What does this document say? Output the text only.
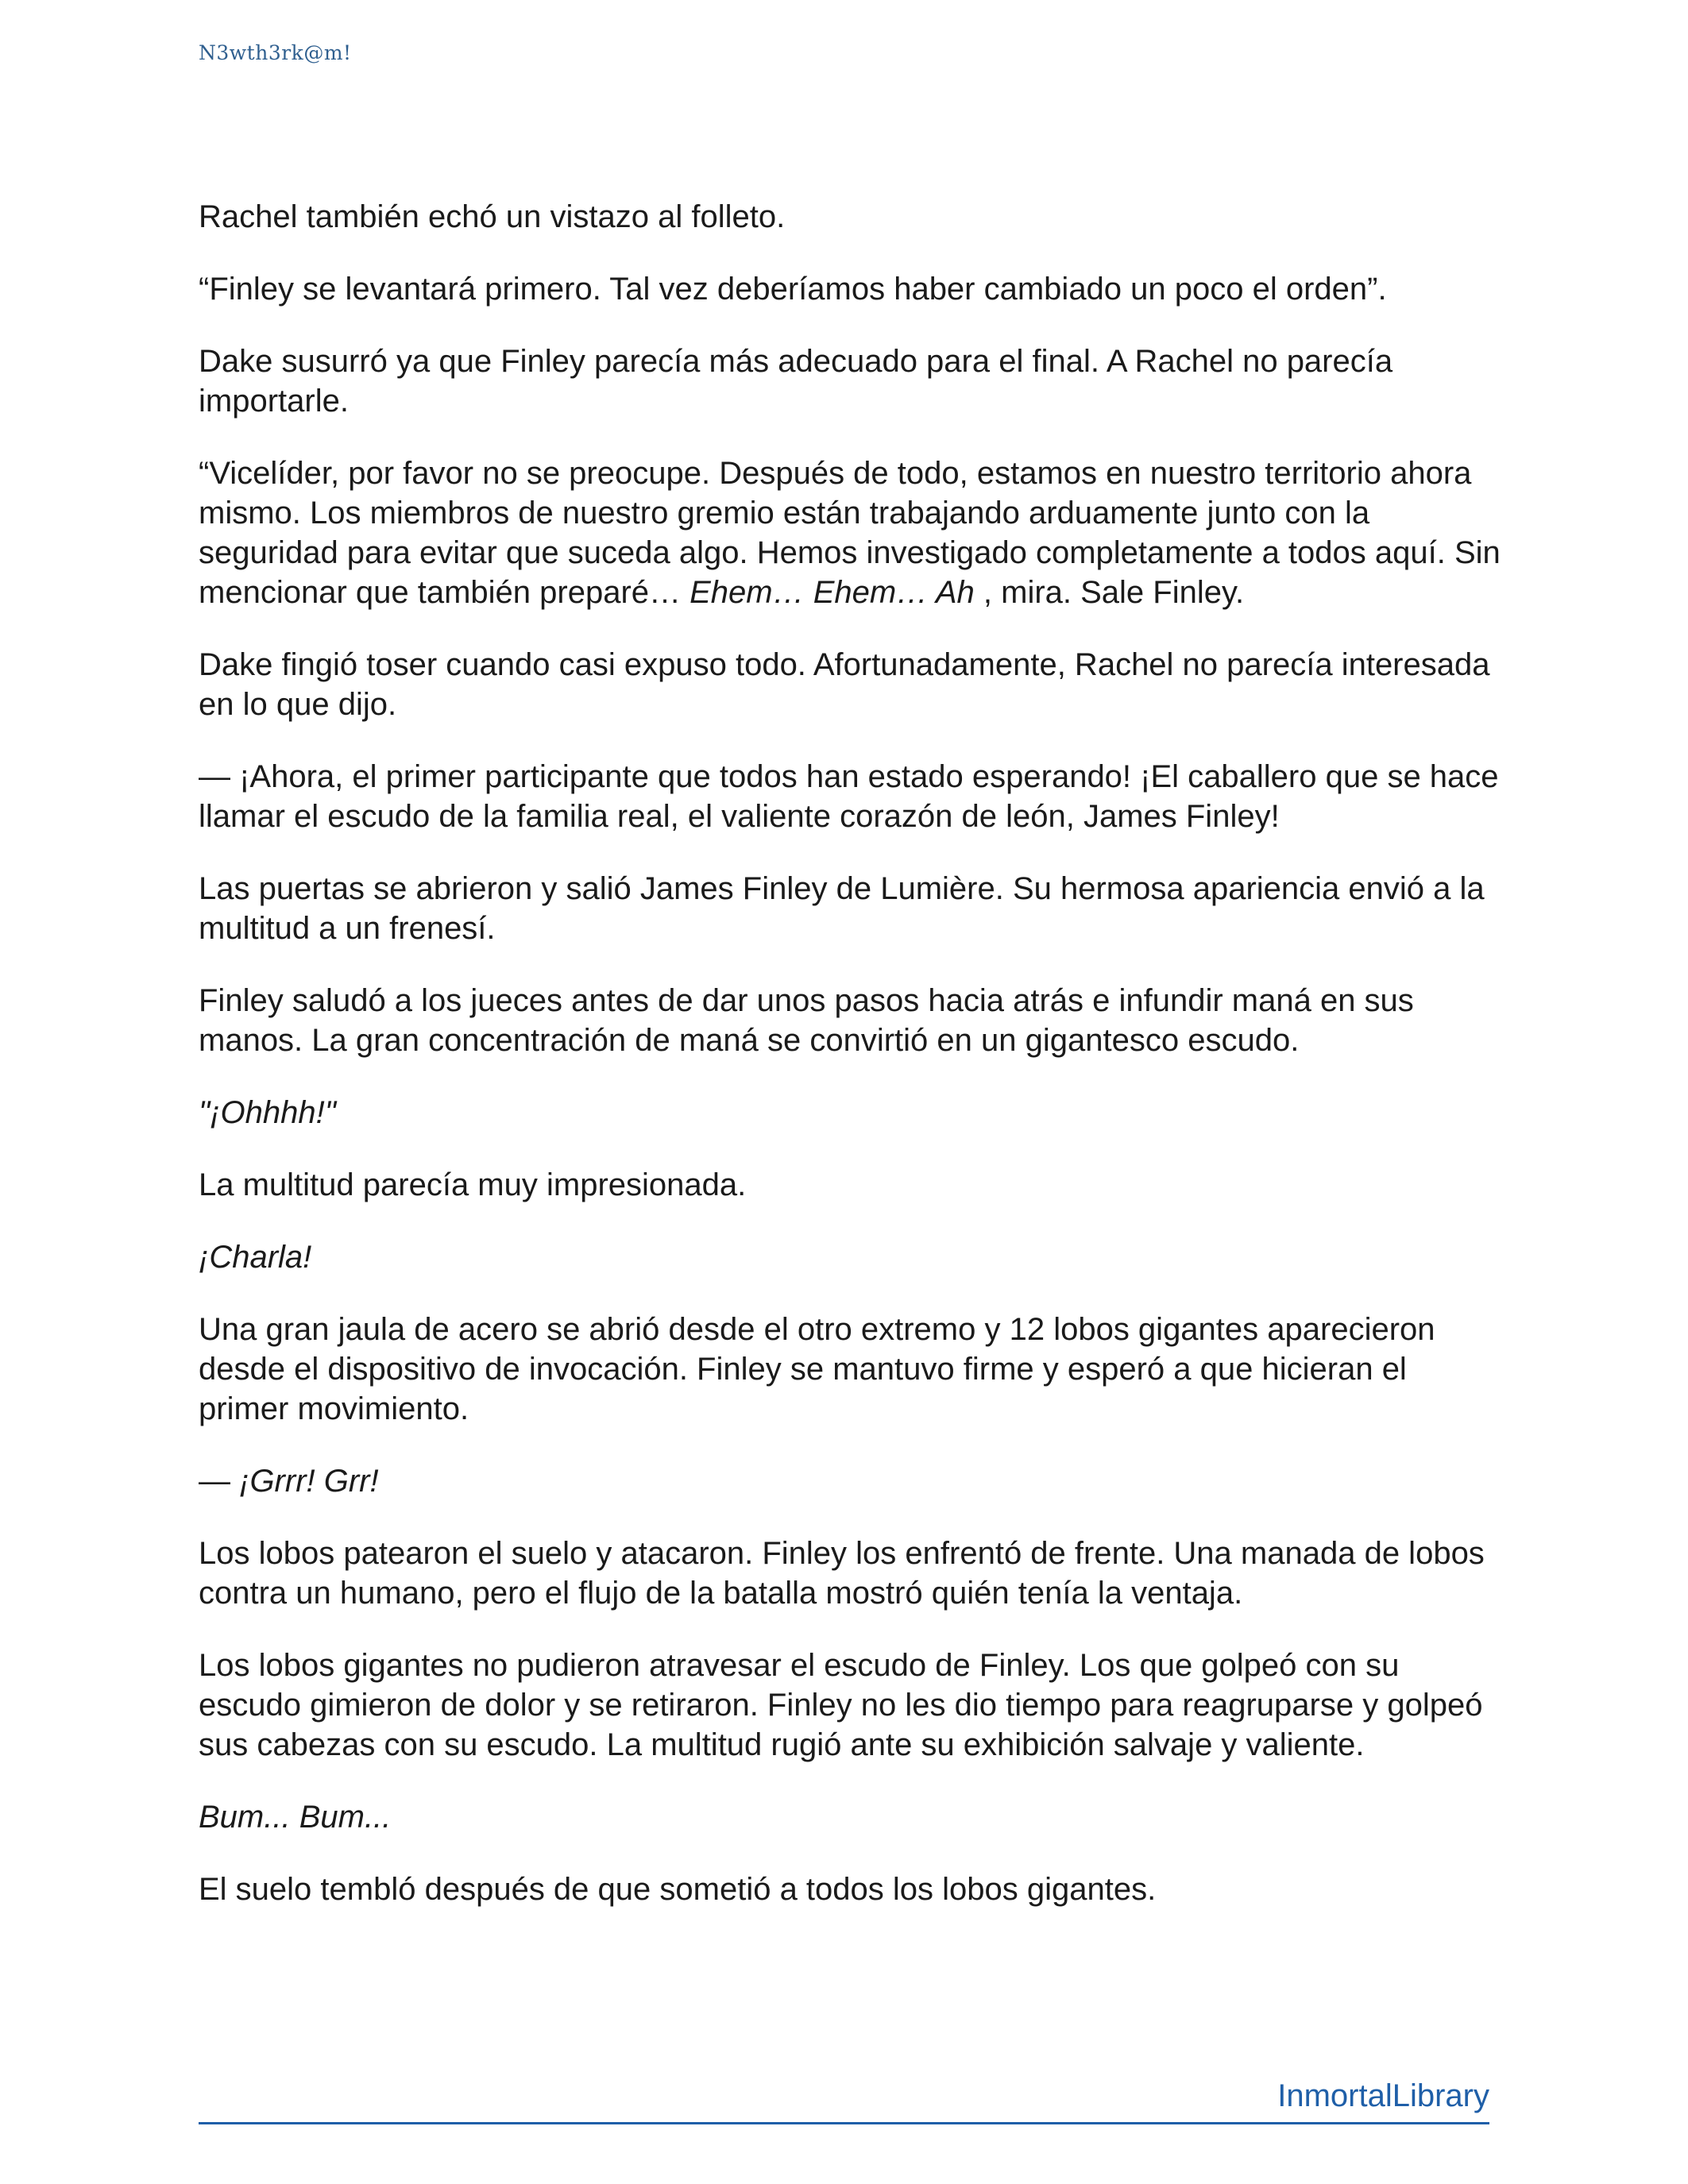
N3wth3rk@m!

Rachel también echó un vistazo al folleto.

“Finley se levantará primero. Tal vez deberíamos haber cambiado un poco el orden”.

Dake susurró ya que Finley parecía más adecuado para el final. A Rachel no parecía importarle.

“Vicelíder, por favor no se preocupe. Después de todo, estamos en nuestro territorio ahora mismo. Los miembros de nuestro gremio están trabajando arduamente junto con la seguridad para evitar que suceda algo. Hemos investigado completamente a todos aquí. Sin mencionar que también preparé… Ehem… Ehem… Ah , mira. Sale Finley.

Dake fingió toser cuando casi expuso todo. Afortunadamente, Rachel no parecía interesada en lo que dijo.

— ¡Ahora, el primer participante que todos han estado esperando! ¡El caballero que se hace llamar el escudo de la familia real, el valiente corazón de león, James Finley!

Las puertas se abrieron y salió James Finley de Lumière. Su hermosa apariencia envió a la multitud a un frenesí.

Finley saludó a los jueces antes de dar unos pasos hacia atrás e infundir maná en sus manos. La gran concentración de maná se convirtió en un gigantesco escudo.

"¡Ohhhh!"

La multitud parecía muy impresionada.

¡Charla!

Una gran jaula de acero se abrió desde el otro extremo y 12 lobos gigantes aparecieron desde el dispositivo de invocación. Finley se mantuvo firme y esperó a que hicieran el primer movimiento.

— ¡Grrr! Grr!

Los lobos patearon el suelo y atacaron. Finley los enfrentó de frente. Una manada de lobos contra un humano, pero el flujo de la batalla mostró quién tenía la ventaja.

Los lobos gigantes no pudieron atravesar el escudo de Finley. Los que golpeó con su escudo gimieron de dolor y se retiraron. Finley no les dio tiempo para reagruparse y golpeó sus cabezas con su escudo. La multitud rugió ante su exhibición salvaje y valiente.

Bum... Bum...

El suelo tembló después de que sometió a todos los lobos gigantes.

InmortalLibrary
